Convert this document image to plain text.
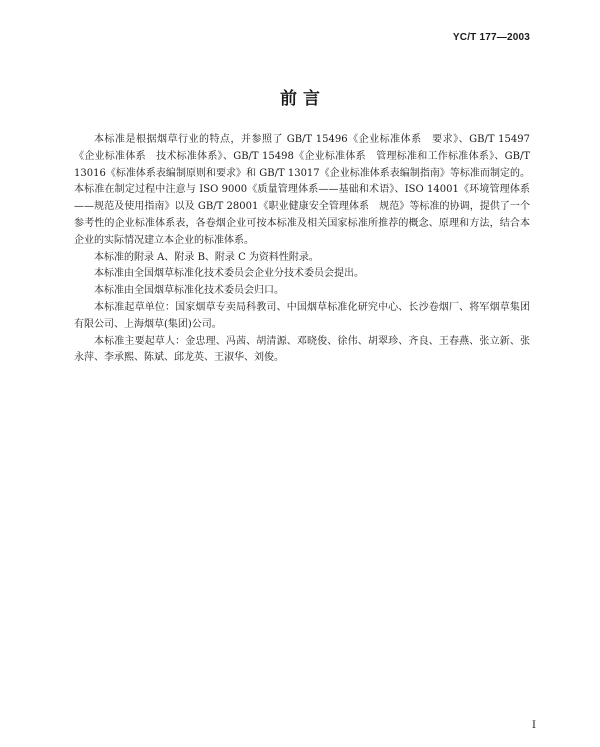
YC/T 177—2003
前 言

本标准是根据烟草行业的特点，并参照了 GB/T 15496《企业标准体系　要求》、GB/T 15497《企业标准体系　技术标准体系》、GB/T 15498《企业标准体系　管理标准和工作标准体系》、GB/T 13016《标准体系表编制原则和要求》和 GB/T 13017《企业标准体系表编制指南》等标准而制定的。本标准在制定过程中注意与 ISO 9000《质量管理体系——基础和术语》、ISO 14001《环境管理体系——规范及使用指南》以及 GB/T 28001《职业健康安全管理体系　规范》等标准的协调，提供了一个参考性的企业标准体系表，各卷烟企业可按本标准及相关国家标准所推荐的概念、原理和方法，结合本企业的实际情况建立本企业的标准体系。

本标准的附录 A、附录 B、附录 C 为资料性附录。

本标准由全国烟草标准化技术委员会企业分技术委员会提出。

本标准由全国烟草标准化技术委员会归口。

本标准起草单位：国家烟草专卖局科教司、中国烟草标准化研究中心、长沙卷烟厂、将军烟草集团有限公司、上海烟草(集团)公司。

本标准主要起草人：金忠理、冯茜、胡清源、邓晓俊、徐伟、胡翠珍、齐良、王春燕、张立新、张永萍、李承熙、陈斌、邱龙英、王淑华、刘俊。

I
